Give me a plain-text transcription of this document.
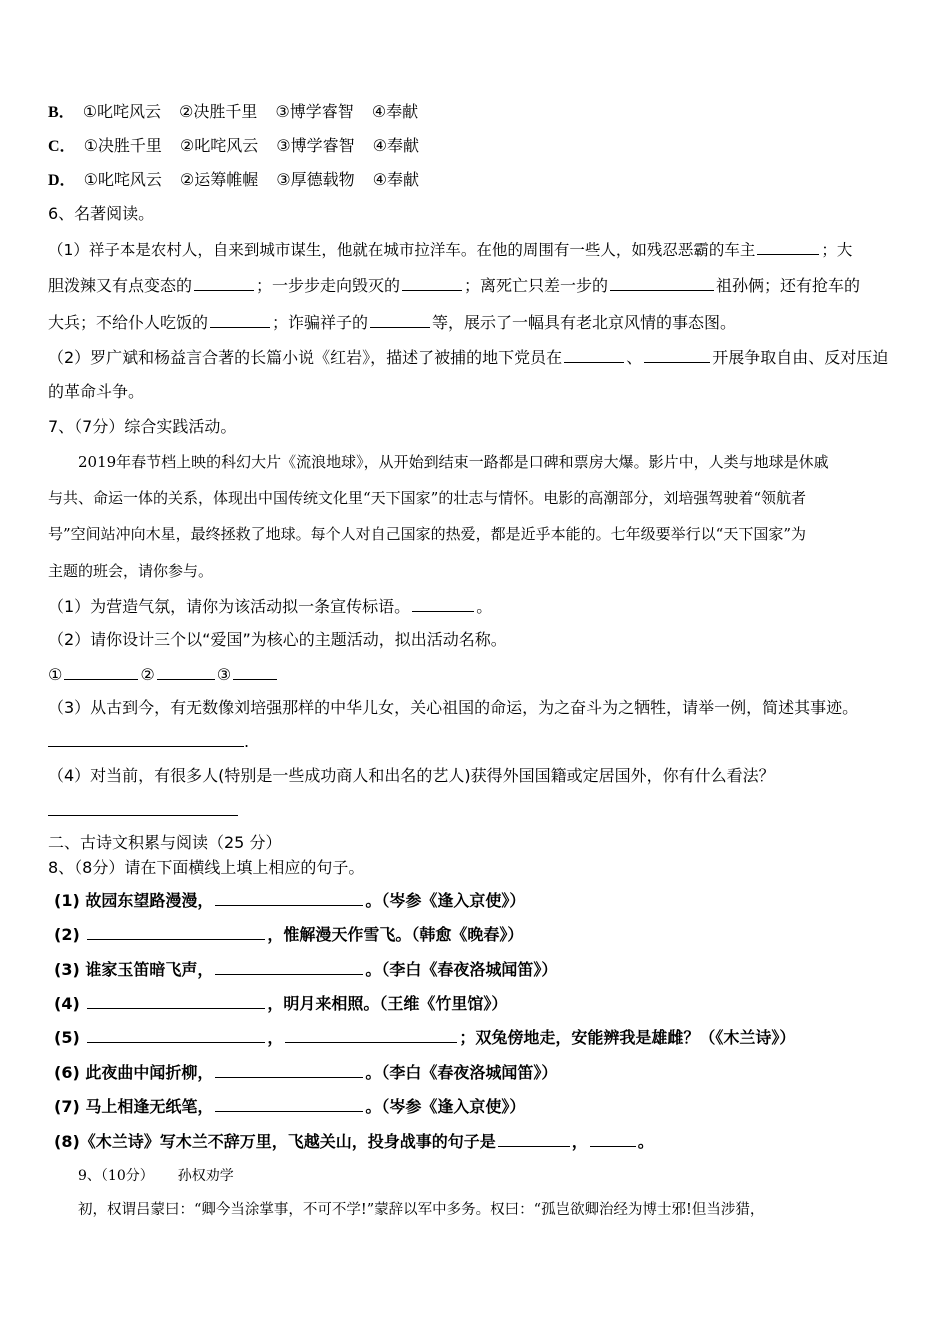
B． ①叱咤风云 ②决胜千里 ③博学睿智 ④奉献
C． ①决胜千里 ②叱咤风云 ③博学睿智 ④奉献
D． ①叱咤风云 ②运筹帷幄 ③厚德载物 ④奉献
6、名著阅读。
（1）祥子本是农村人，自来到城市谋生，他就在城市拉洋车。在他的周围有一些人，如残忍恶霸的车主	；大
胆泼辣又有点变态的	；一步步走向毁灭的	；离死亡只差一步的	祖孙俩；还有抢车的
大兵；不给仆人吃饭的	；诈骗祥子的	等，展示了一幅具有老北京风情的事态图。
（2）罗广斌和杨益言合著的长篇小说《红岩》，描述了被捕的地下党员在	、	开展争取自由、反对压迫
的革命斗争。
7、（7分）综合实践活动。
2019年春节档上映的科幻大片《流浪地球》，从开始到结束一路都是口碑和票房大爆。影片中，人类与地球是休戚
与共、命运一体的关系，体现出中国传统文化里“天下国家”的壮志与情怀。电影的高潮部分，刘培强驾驶着“领航者
号”空间站冲向木星，最终拯救了地球。每个人对自己国家的热爱，都是近乎本能的。七年级要举行以“天下国家”为
主题的班会，请你参与。
（1）为营造气氛，请你为该活动拟一条宣传标语。	。
（2）请你设计三个以“爱国”为核心的主题活动，拟出活动名称。
①	②	③
（3）从古到今，有无数像刘培强那样的中华儿女，关心祖国的命运，为之奋斗为之牺牲，请举一例，简述其事迹。
.
（4）对当前，有很多人(特别是一些成功商人和出名的艺人)获得外国国籍或定居国外，你有什么看法？
二、古诗文积累与阅读（25 分）
8、（8分）请在下面横线上填上相应的句子。
(1) 故园东望路漫漫，	。（岑参《逢入京使》）
(2)	，惟解漫天作雪飞。（韩愈《晚春》）
(3) 谁家玉笛暗飞声，	。（李白《春夜洛城闻笛》）
(4)	，明月来相照。（王维《竹里馆》）
(5)	，	；双兔傍地走，安能辨我是雄雌？（《木兰诗》）
(6) 此夜曲中闻折柳，	。（李白《春夜洛城闻笛》）
(7) 马上相逢无纸笔，	。（岑参《逢入京使》）
(8)《木兰诗》写木兰不辞万里，飞越关山，投身战事的句子是	，	。
9、（10分） 孙权劝学
初，权谓吕蒙曰：“卿今当涂掌事，不可不学!”蒙辞以军中多务。权曰：“孤岂欲卿治经为博士邪!但当涉猎，
